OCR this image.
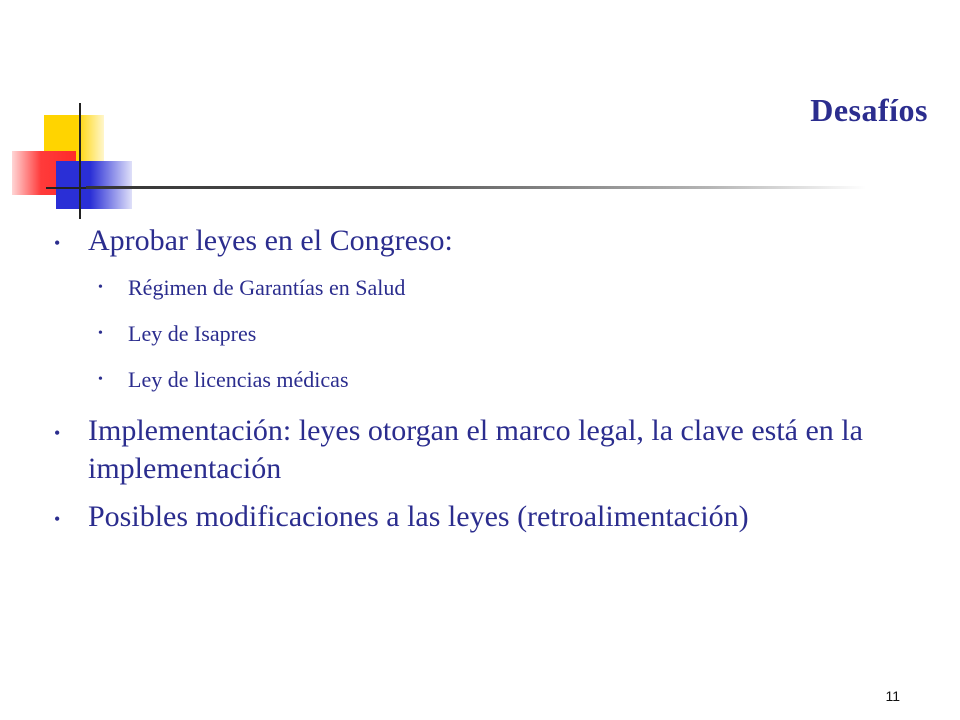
Desafíos
• Aprobar leyes en el Congreso:
• Régimen de Garantías en Salud
• Ley de Isapres
• Ley de licencias médicas
• Implementación: leyes otorgan el marco legal, la clave está en la implementación
• Posibles modificaciones a las leyes (retroalimentación)
11
